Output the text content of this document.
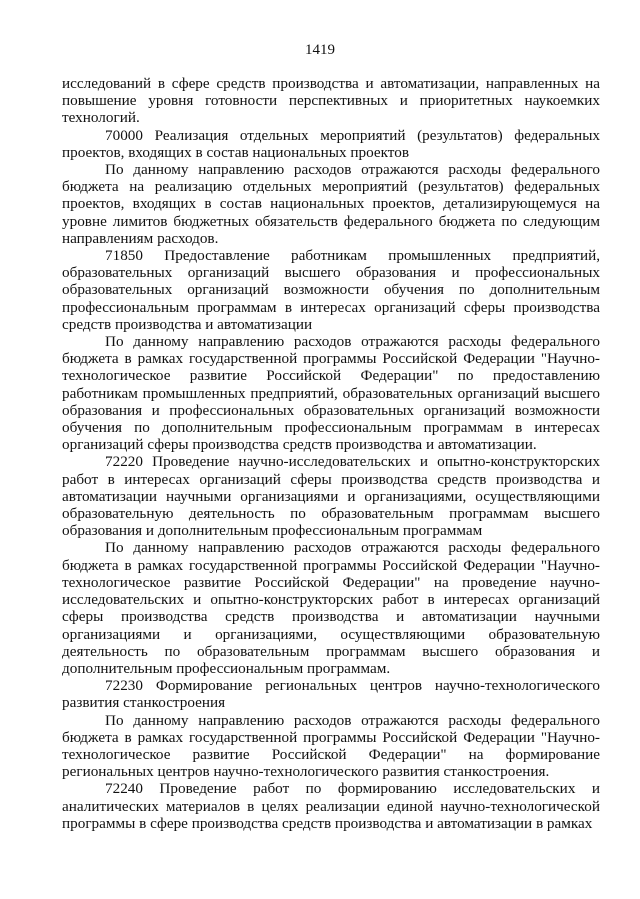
1419

исследований в сфере средств производства и автоматизации, направленных на повышение уровня готовности перспективных и приоритетных наукоемких технологий.

70000 Реализация отдельных мероприятий (результатов) федеральных проектов, входящих в состав национальных проектов

По данному направлению расходов отражаются расходы федерального бюджета на реализацию отдельных мероприятий (результатов) федеральных проектов, входящих в состав национальных проектов, детализирующемуся на уровне лимитов бюджетных обязательств федерального бюджета по следующим направлениям расходов.

71850 Предоставление работникам промышленных предприятий, образовательных организаций высшего образования и профессиональных образовательных организаций возможности обучения по дополнительным профессиональным программам в интересах организаций сферы производства средств производства и автоматизации

По данному направлению расходов отражаются расходы федерального бюджета в рамках государственной программы Российской Федерации "Научно-технологическое развитие Российской Федерации" по предоставлению работникам промышленных предприятий, образовательных организаций высшего образования и профессиональных образовательных организаций возможности обучения по дополнительным профессиональным программам в интересах организаций сферы производства средств производства и автоматизации.

72220 Проведение научно-исследовательских и опытно-конструкторских работ в интересах организаций сферы производства средств производства и автоматизации научными организациями и организациями, осуществляющими образовательную деятельность по образовательным программам высшего образования и дополнительным профессиональным программам

По данному направлению расходов отражаются расходы федерального бюджета в рамках государственной программы Российской Федерации "Научно-технологическое развитие Российской Федерации" на проведение научно-исследовательских и опытно-конструкторских работ в интересах организаций сферы производства средств производства и автоматизации научными организациями и организациями, осуществляющими образовательную деятельность по образовательным программам высшего образования и дополнительным профессиональным программам.

72230 Формирование региональных центров научно-технологического развития станкостроения

По данному направлению расходов отражаются расходы федерального бюджета в рамках государственной программы Российской Федерации "Научно-технологическое развитие Российской Федерации" на формирование региональных центров научно-технологического развития станкостроения.

72240 Проведение работ по формированию исследовательских и аналитических материалов в целях реализации единой научно-технологической программы в сфере производства средств производства и автоматизации в рамках
